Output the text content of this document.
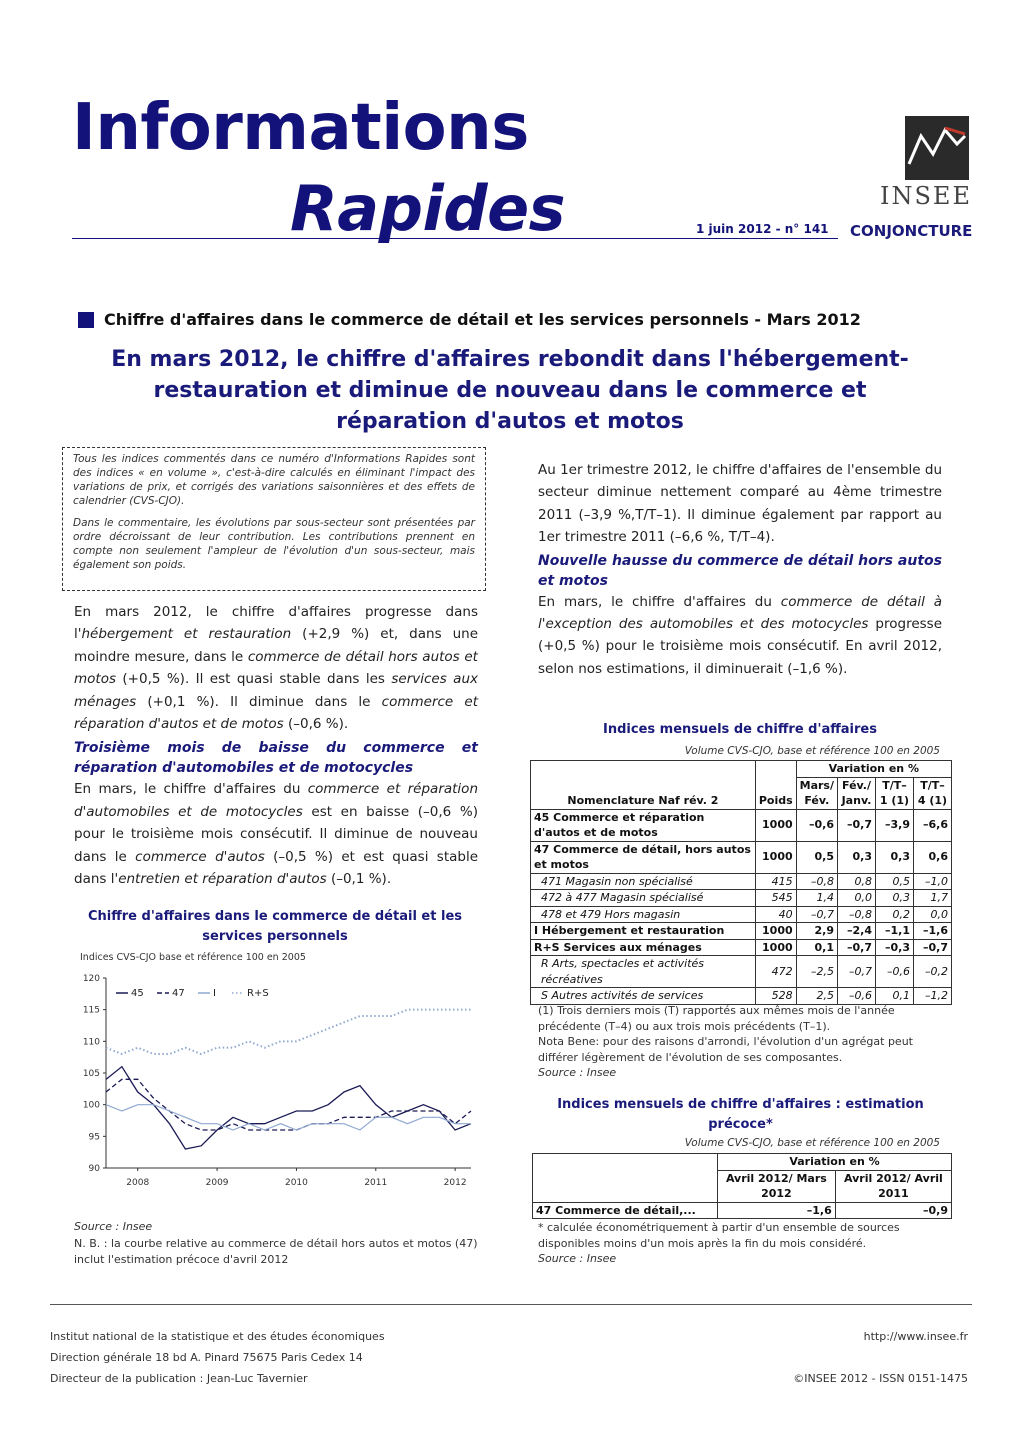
Informations
Rapides	1 juin 2012 - n° 141
INSEE
CONJONCTURE
Chiffre d'affaires dans le commerce de détail et les services personnels - Mars 2012
En mars 2012, le chiffre d'affaires rebondit dans l'hébergement-restauration et diminue de nouveau dans le commerce et réparation d'autos et motos

Tous les indices commentés dans ce numéro d'Informations Rapides sont des indices « en volume », c'est-à-dire calculés en éliminant l'impact des variations de prix, et corrigés des variations saisonnières et des effets de calendrier (CVS-CJO).

Dans le commentaire, les évolutions par sous-secteur sont présentées par ordre décroissant de leur contribution. Les contributions prennent en compte non seulement l'ampleur de l'évolution d'un sous-secteur, mais également son poids.

En mars 2012, le chiffre d'affaires progresse dans l'hébergement et restauration (+2,9 %) et, dans une moindre mesure, dans le commerce de détail hors autos et motos (+0,5 %). Il est quasi stable dans les services aux ménages (+0,1 %). Il diminue dans le commerce et réparation d'autos et de motos (–0,6 %).

Troisième mois de baisse du commerce et réparation d'automobiles et de motocycles

En mars, le chiffre d'affaires du commerce et réparation d'automobiles et de motocycles est en baisse (–0,6 %) pour le troisième mois consécutif. Il diminue de nouveau dans le commerce d'autos (–0,5 %) et est quasi stable dans l'entretien et réparation d'autos (–0,1 %).

Chiffre d'affaires dans le commerce de détail et les services personnels
Indices CVS-CJO base et référence 100 en 2005
90
95
100
105
110
115
120
2008	2009	2010	2011	2012
45	47	I	R+S
Source : Insee
N. B. : la courbe relative au commerce de détail hors autos et motos (47) inclut l'estimation précoce d'avril 2012

Au 1er trimestre 2012, le chiffre d'affaires de l'ensemble du secteur diminue nettement comparé au 4ème trimestre 2011 (–3,9 %,T/T–1). Il diminue également par rapport au 1er trimestre 2011 (–6,6 %, T/T–4).

Nouvelle hausse du commerce de détail hors autos et motos

En mars, le chiffre d'affaires du commerce de détail à l'exception des automobiles et des motocycles progresse (+0,5 %) pour le troisième mois consécutif. En avril 2012, selon nos estimations, il diminuerait (–1,6 %).

Indices mensuels de chiffre d'affaires
Volume CVS-CJO, base et référence 100 en 2005
Nomenclature Naf rév. 2	Poids	Variation en %			
		Mars/ Fév.	Fév./ Janv.	T/T–1 (1)	T/T–4 (1)
45 Commerce et réparation d'autos et de motos	1000	–0,6	–0,7	–3,9	–6,6
47 Commerce de détail, hors autos et motos	1000	0,5	0,3	0,3	0,6
471 Magasin non spécialisé	415	–0,8	0,8	0,5	–1,0
472 à 477 Magasin spécialisé	545	1,4	0,0	0,3	1,7
478 et 479 Hors magasin	40	–0,7	–0,8	0,2	0,0
I Hébergement et restauration	1000	2,9	–2,4	–1,1	–1,6
R+S Services aux ménages	1000	0,1	–0,7	–0,3	–0,7
R Arts, spectacles et activités récréatives	472	–2,5	–0,7	–0,6	–0,2
S Autres activités de services	528	2,5	–0,6	0,1	–1,2

(1) Trois derniers mois (T) rapportés aux mêmes mois de l'année précédente (T–4) ou aux trois mois précédents (T–1).

Nota Bene: pour des raisons d'arrondi, l'évolution d'un agrégat peut différer légèrement de l'évolution de ses composantes.

Source : Insee

Indices mensuels de chiffre d'affaires : estimation précoce*
Volume CVS-CJO, base et référence 100 en 2005
	Variation en %	
	Avril 2012/ Mars 2012	Avril 2012/ Avril 2011
47 Commerce de détail,...	–1,6	–0,9

* calculée économétriquement à partir d'un ensemble de sources disponibles moins d'un mois après la fin du mois considéré.

Source : Insee

Institut national de la statistique et des études économiques
Direction générale 18 bd A. Pinard 75675 Paris Cedex 14
Directeur de la publication : Jean-Luc Tavernier
http://www.insee.fr

©INSEE 2012 - ISSN 0151-1475
